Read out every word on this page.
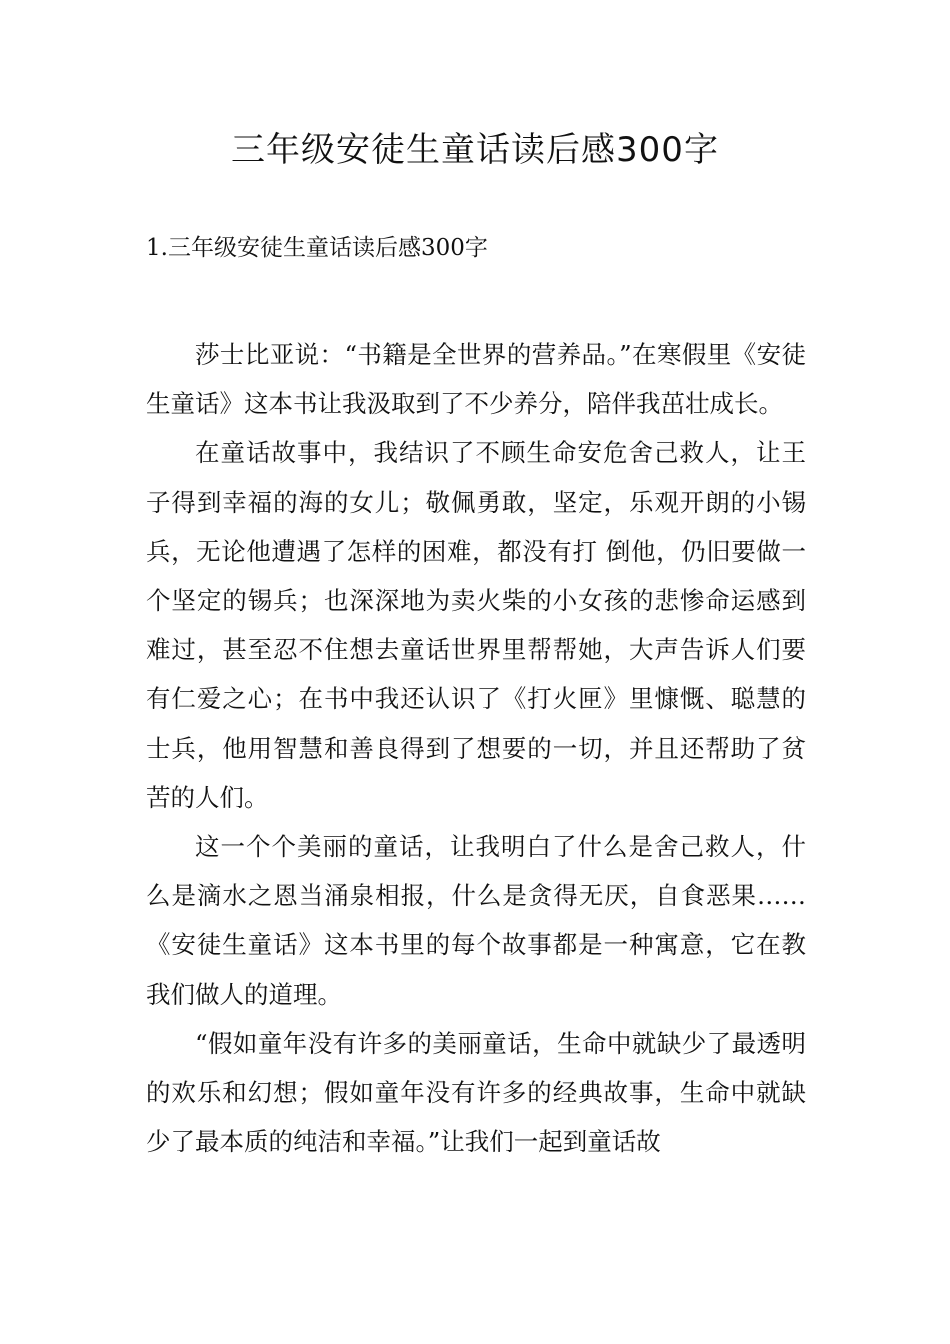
三年级安徒生童话读后感300字
1.三年级安徒生童话读后感300字

莎士比亚说：“书籍是全世界的营养品。”在寒假里《安徒生童话》这本书让我汲取到了不少养分，陪伴我茁壮成长。

在童话故事中，我结识了不顾生命安危舍己救人，让王子得到幸福的海的女儿；敬佩勇敢，坚定，乐观开朗的小锡兵，无论他遭遇了怎样的困难，都没有打 倒他，仍旧要做一个坚定的锡兵；也深深地为卖火柴的小女孩的悲惨命运感到难过，甚至忍不住想去童话世界里帮帮她，大声告诉人们要有仁爱之心；在书中我还认识了《打火匣》里慷慨、聪慧的士兵，他用智慧和善良得到了想要的一切，并且还帮助了贫苦的人们。

这一个个美丽的童话，让我明白了什么是舍己救人，什么是滴水之恩当涌泉相报，什么是贪得无厌，自食恶果……《安徒生童话》这本书里的每个故事都是一种寓意，它在教我们做人的道理。

“假如童年没有许多的美丽童话，生命中就缺少了最透明的欢乐和幻想；假如童年没有许多的经典故事，生命中就缺少了最本质的纯洁和幸福。”让我们一起到童话故
